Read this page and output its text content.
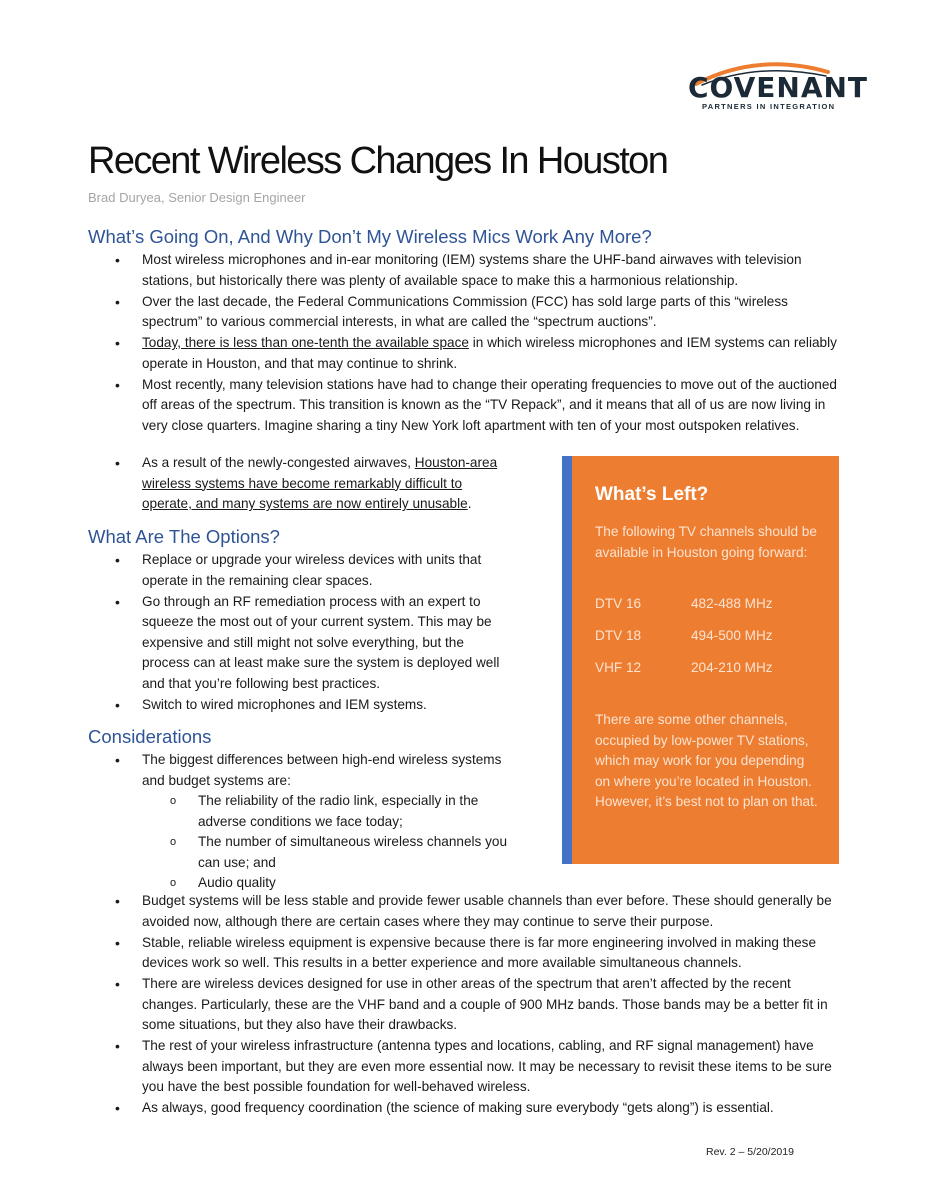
COVENANT
PARTNERS IN INTEGRATION
Recent Wireless Changes In Houston
Brad Duryea, Senior Design Engineer
What’s Going On, And Why Don’t My Wireless Mics Work Any More?
• Most wireless microphones and in-ear monitoring (IEM) systems share the UHF-band airwaves with television stations, but historically there was plenty of available space to make this a harmonious relationship.
• Over the last decade, the Federal Communications Commission (FCC) has sold large parts of this “wireless spectrum” to various commercial interests, in what are called the “spectrum auctions”.
• Today, there is less than one-tenth the available space in which wireless microphones and IEM systems can reliably operate in Houston, and that may continue to shrink.
• Most recently, many television stations have had to change their operating frequencies to move out of the auctioned off areas of the spectrum. This transition is known as the “TV Repack”, and it means that all of us are now living in very close quarters. Imagine sharing a tiny New York loft apartment with ten of your most outspoken relatives.
• As a result of the newly-congested airwaves, Houston-area wireless systems have become remarkably difficult to operate, and many systems are now entirely unusable.
What Are The Options?
• Replace or upgrade your wireless devices with units that operate in the remaining clear spaces.
• Go through an RF remediation process with an expert to squeeze the most out of your current system. This may be expensive and still might not solve everything, but the process can at least make sure the system is deployed well and that you’re following best practices.
• Switch to wired microphones and IEM systems.
Considerations
• The biggest differences between high-end wireless systems and budget systems are:
o The reliability of the radio link, especially in the adverse conditions we face today;
o The number of simultaneous wireless channels you can use; and
o Audio quality
• Budget systems will be less stable and provide fewer usable channels than ever before. These should generally be avoided now, although there are certain cases where they may continue to serve their purpose.
• Stable, reliable wireless equipment is expensive because there is far more engineering involved in making these devices work so well. This results in a better experience and more available simultaneous channels.
• There are wireless devices designed for use in other areas of the spectrum that aren’t affected by the recent changes. Particularly, these are the VHF band and a couple of 900 MHz bands. Those bands may be a better fit in some situations, but they also have their drawbacks.
• The rest of your wireless infrastructure (antenna types and locations, cabling, and RF signal management) have always been important, but they are even more essential now. It may be necessary to revisit these items to be sure you have the best possible foundation for well-behaved wireless.
• As always, good frequency coordination (the science of making sure everybody “gets along”) is essential.
What’s Left?
The following TV channels should be available in Houston going forward:
DTV 16	482-488 MHz
DTV 18	494-500 MHz
VHF 12	204-210 MHz
There are some other channels, occupied by low-power TV stations, which may work for you depending on where you’re located in Houston. However, it’s best not to plan on that.
Rev. 2 – 5/20/2019
